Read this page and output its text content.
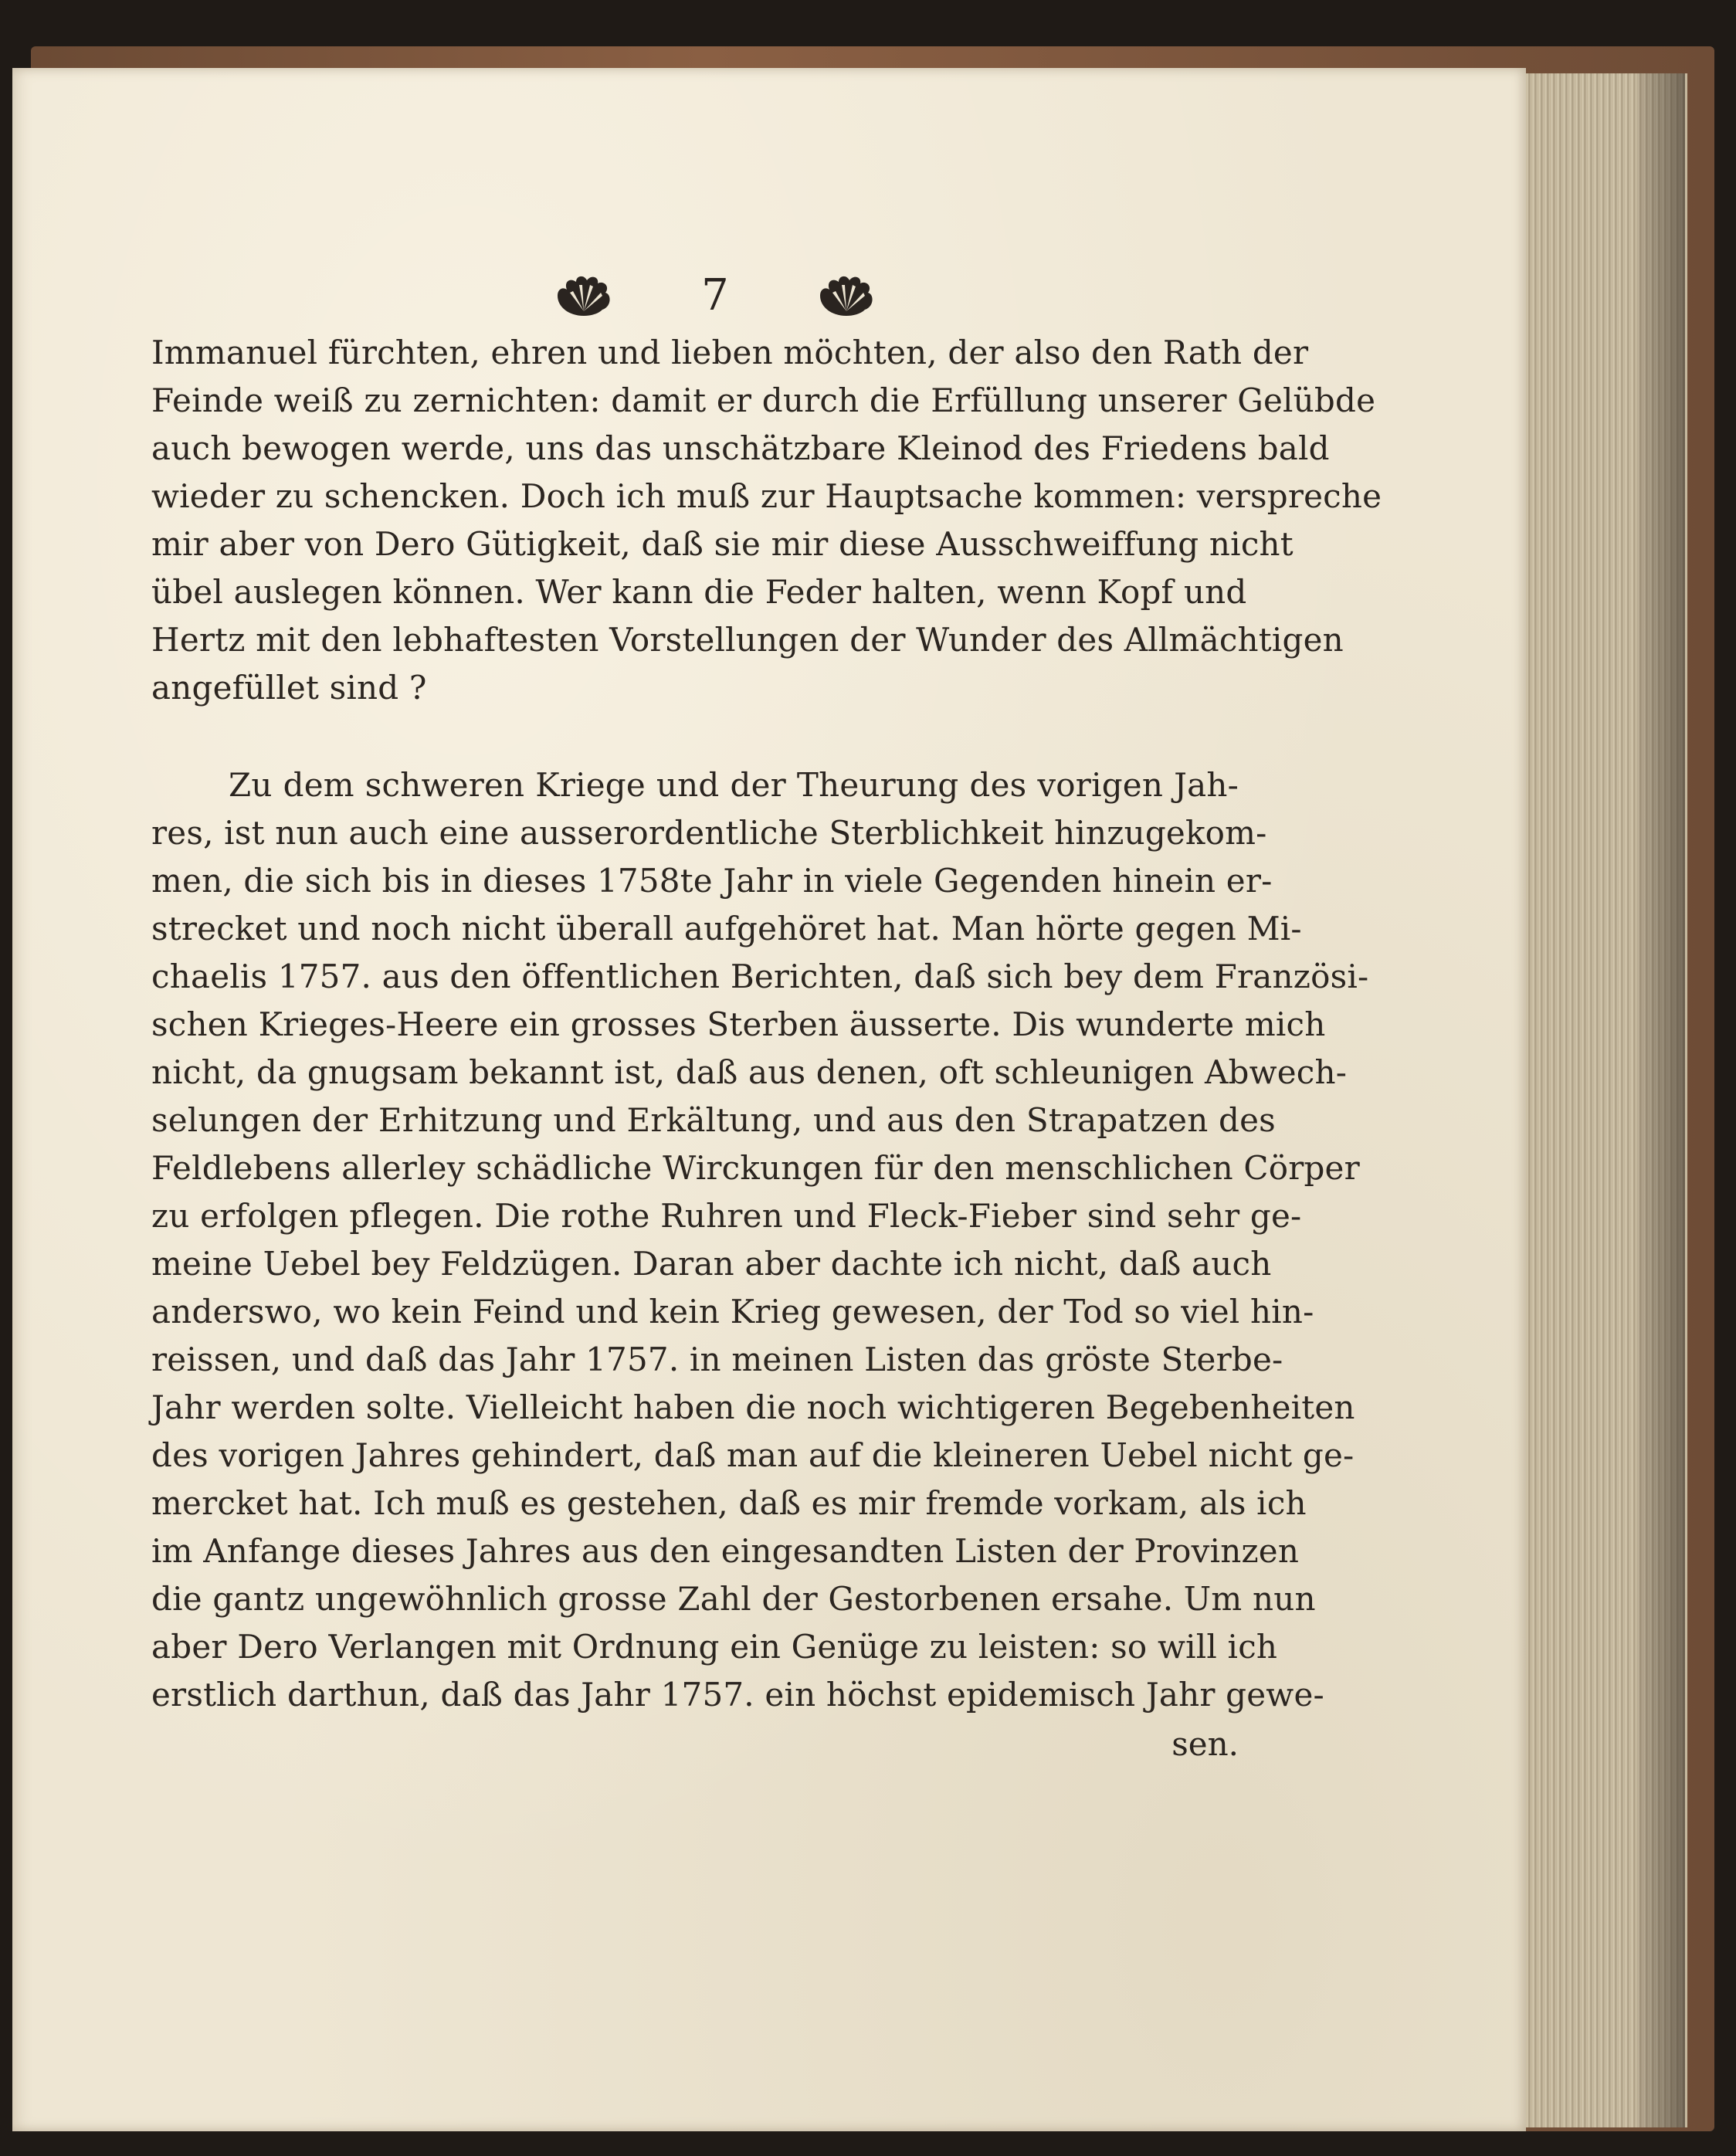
7
Immanuel fürchten, ehren und lieben möchten, der also den Rath der
Feinde weiß zu zernichten: damit er durch die Erfüllung unserer Gelübde
auch bewogen werde, uns das unschätzbare Kleinod des Friedens bald
wieder zu schencken. Doch ich muß zur Hauptsache kommen: verspreche
mir aber von Dero Gütigkeit, daß sie mir diese Ausschweiffung nicht
übel auslegen können. Wer kann die Feder halten, wenn Kopf und
Hertz mit den lebhaftesten Vorstellungen der Wunder des Allmächtigen
angefüllet sind ?
Zu dem schweren Kriege und der Theurung des vorigen Jah-
res, ist nun auch eine ausserordentliche Sterblichkeit hinzugekom-
men, die sich bis in dieses 1758te Jahr in viele Gegenden hinein er-
strecket und noch nicht überall aufgehöret hat. Man hörte gegen Mi-
chaelis 1757. aus den öffentlichen Berichten, daß sich bey dem Französi-
schen Krieges-Heere ein grosses Sterben äusserte. Dis wunderte mich
nicht, da gnugsam bekannt ist, daß aus denen, oft schleunigen Abwech-
selungen der Erhitzung und Erkältung, und aus den Strapatzen des
Feldlebens allerley schädliche Wirckungen für den menschlichen Cörper
zu erfolgen pflegen. Die rothe Ruhren und Fleck-Fieber sind sehr ge-
meine Uebel bey Feldzügen. Daran aber dachte ich nicht, daß auch
anderswo, wo kein Feind und kein Krieg gewesen, der Tod so viel hin-
reissen, und daß das Jahr 1757. in meinen Listen das gröste Sterbe-
Jahr werden solte. Vielleicht haben die noch wichtigeren Begebenheiten
des vorigen Jahres gehindert, daß man auf die kleineren Uebel nicht ge-
mercket hat. Ich muß es gestehen, daß es mir fremde vorkam, als ich
im Anfange dieses Jahres aus den eingesandten Listen der Provinzen
die gantz ungewöhnlich grosse Zahl der Gestorbenen ersahe. Um nun
aber Dero Verlangen mit Ordnung ein Genüge zu leisten: so will ich
erstlich darthun, daß das Jahr 1757. ein höchst epidemisch Jahr gewe-
sen.
